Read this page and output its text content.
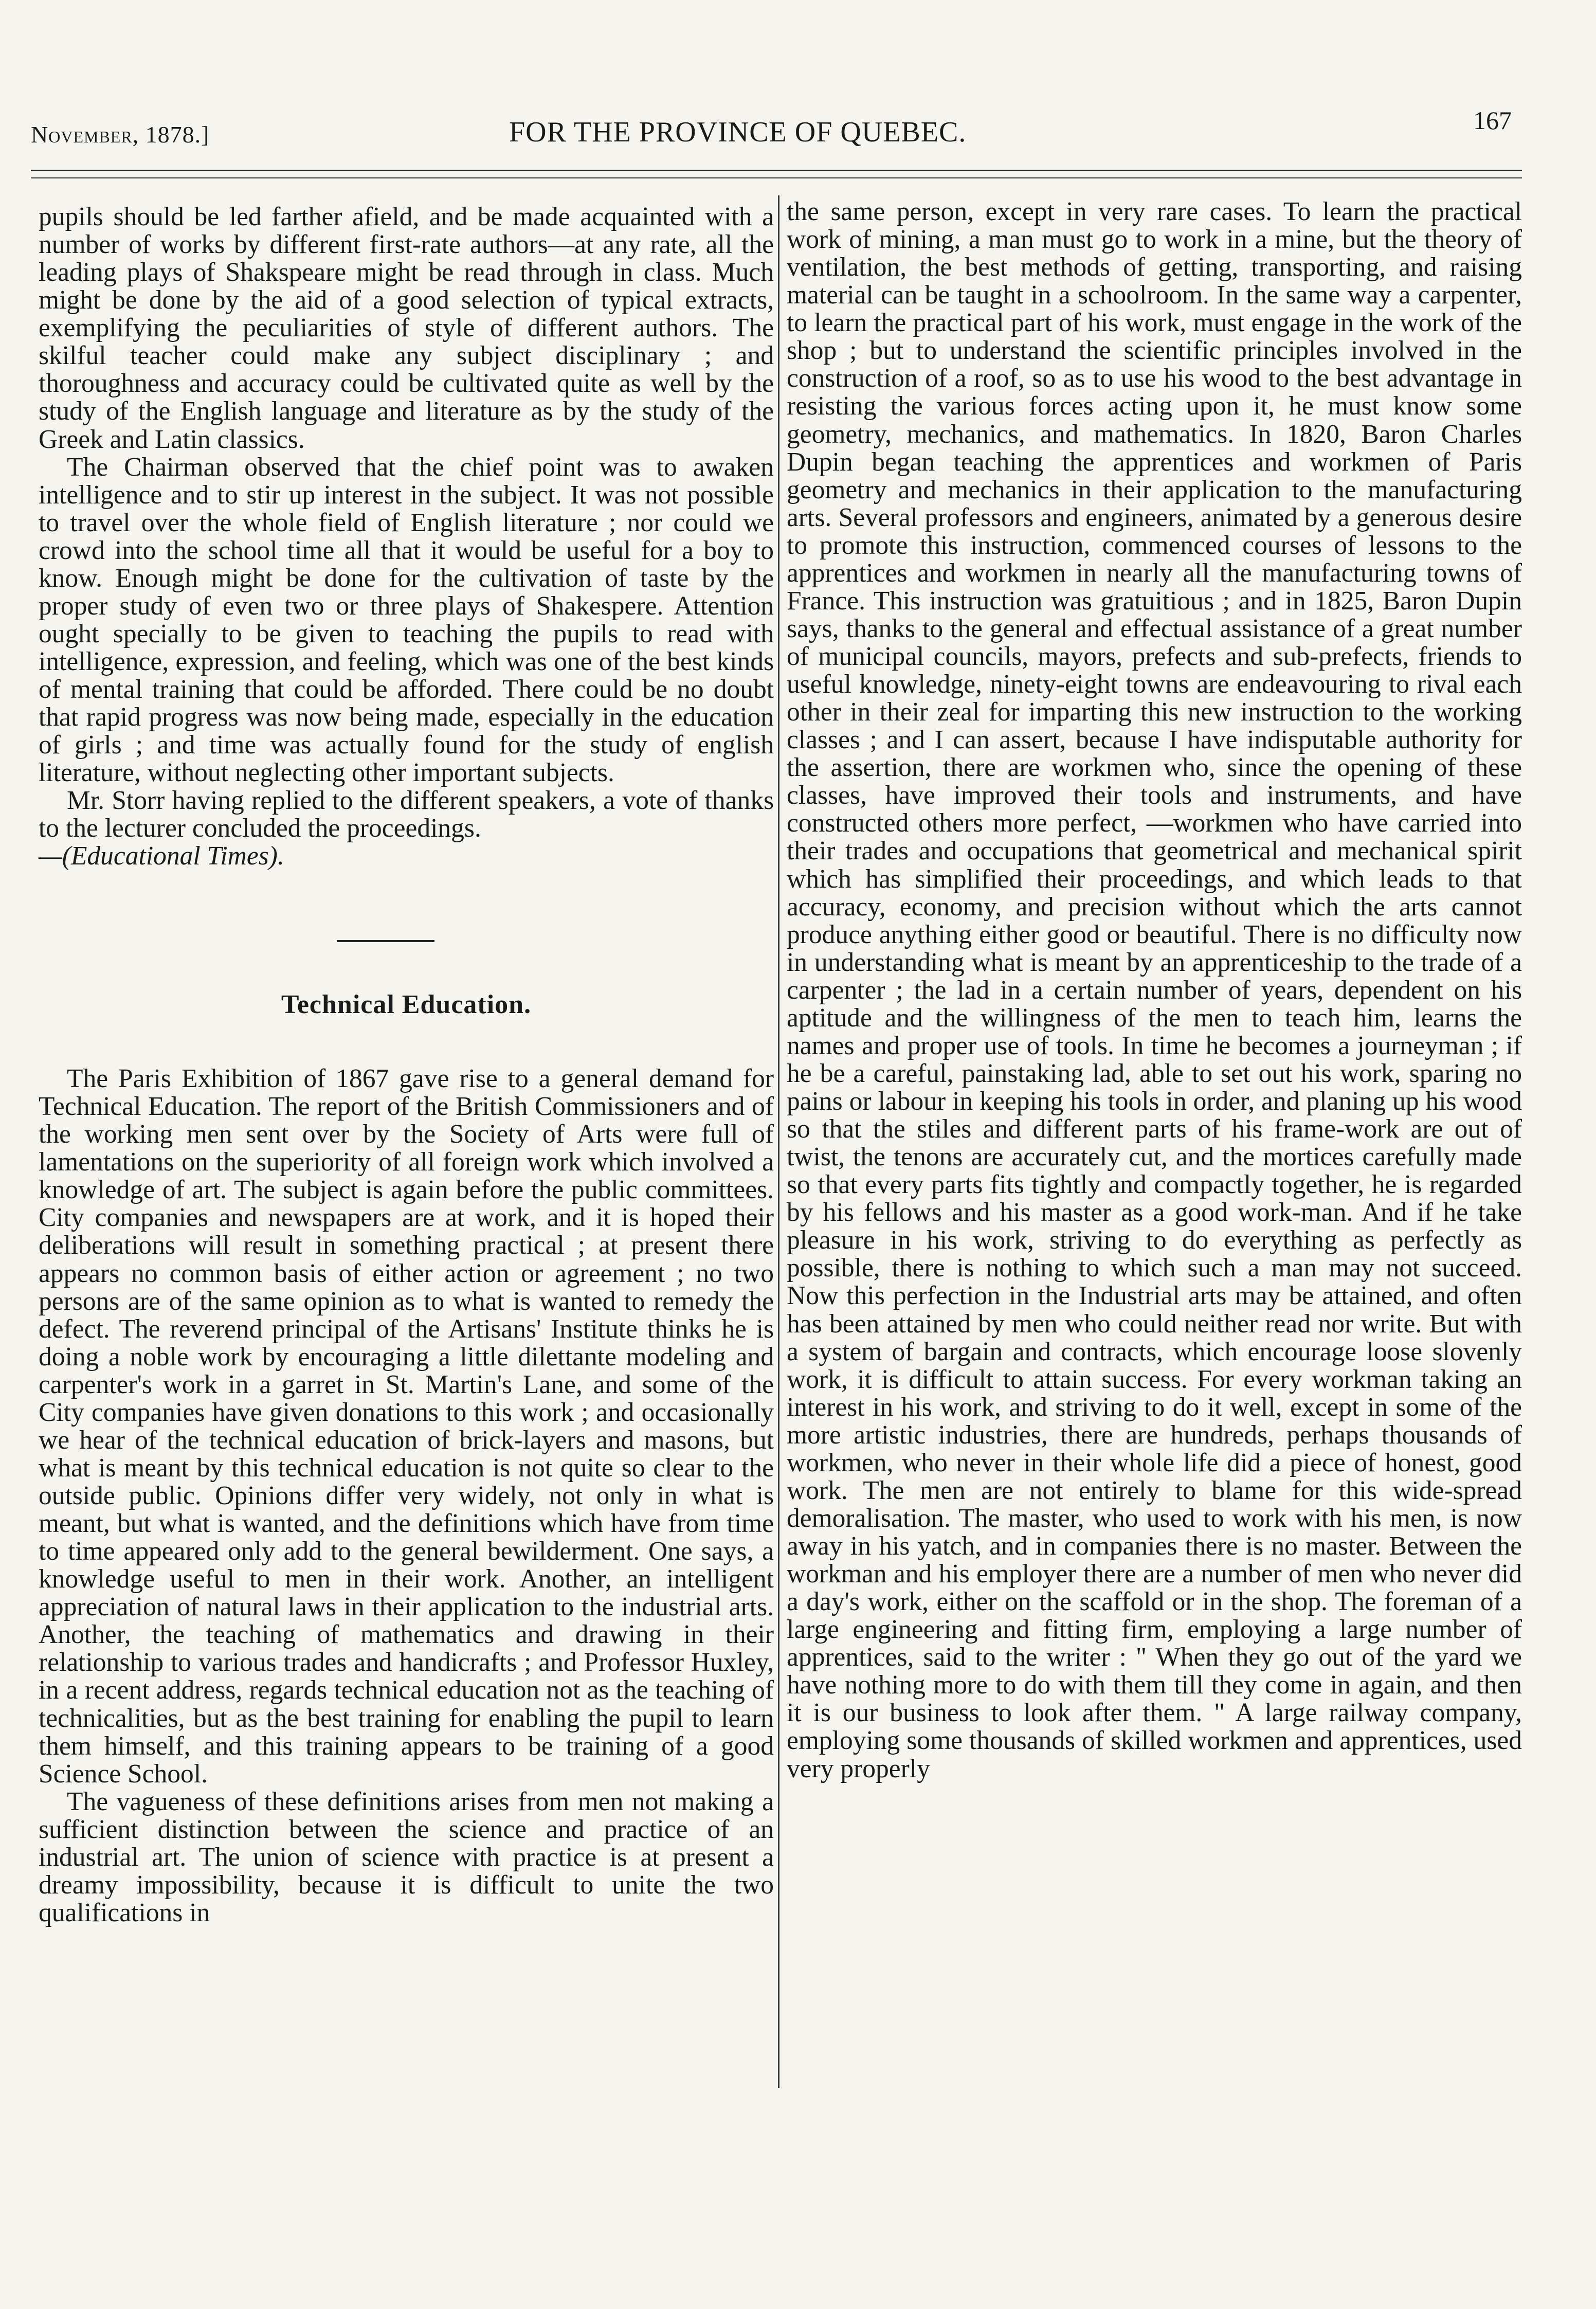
November, 1878.]	FOR THE PROVINCE OF QUEBEC.	167

pupils should be led farther afield, and be made acquainted with a number of works by different first-rate authors—at any rate, all the leading plays of Shakspeare might be read through in class. Much might be done by the aid of a good selection of typical extracts, exemplifying the peculiarities of style of different authors. The skilful teacher could make any subject disciplinary ; and thoroughness and accuracy could be cultivated quite as well by the study of the English language and literature as by the study of the Greek and Latin classics.

The Chairman observed that the chief point was to awaken intelligence and to stir up interest in the subject. It was not possible to travel over the whole field of English literature ; nor could we crowd into the school time all that it would be useful for a boy to know. Enough might be done for the cultivation of taste by the proper study of even two or three plays of Shakespere. Attention ought specially to be given to teaching the pupils to read with intelligence, expression, and feeling, which was one of the best kinds of mental training that could be afforded. There could be no doubt that rapid progress was now being made, especially in the education of girls ; and time was actually found for the study of english literature, without neglecting other important subjects.

Mr. Storr having replied to the different speakers, a vote of thanks to the lecturer concluded the proceedings.

—(Educational Times).

Technical Education.

The Paris Exhibition of 1867 gave rise to a general demand for Technical Education. The report of the British Commissioners and of the working men sent over by the Society of Arts were full of lamentations on the superiority of all foreign work which involved a knowledge of art. The subject is again before the public committees. City companies and newspapers are at work, and it is hoped their deliberations will result in something practical ; at present there appears no common basis of either action or agreement ; no two persons are of the same opinion as to what is wanted to remedy the defect. The reverend principal of the Artisans' Institute thinks he is doing a noble work by encouraging a little dilettante modeling and carpenter's work in a garret in St. Martin's Lane, and some of the City companies have given donations to this work ; and occasionally we hear of the technical education of brick-layers and masons, but what is meant by this technical education is not quite so clear to the outside public. Opinions differ very widely, not only in what is meant, but what is wanted, and the definitions which have from time to time appeared only add to the general bewilderment. One says, a knowledge useful to men in their work. Another, an intelligent appreciation of natural laws in their application to the industrial arts. Another, the teaching of mathematics and drawing in their relationship to various trades and handicrafts ; and Professor Huxley, in a recent address, regards technical education not as the teaching of technicalities, but as the best training for enabling the pupil to learn them himself, and this training appears to be training of a good Science School.

The vagueness of these definitions arises from men not making a sufficient distinction between the science and practice of an industrial art. The union of science with practice is at present a dreamy impossibility, because it is difficult to unite the two qualifications in

the same person, except in very rare cases. To learn the practical work of mining, a man must go to work in a mine, but the theory of ventilation, the best methods of getting, transporting, and raising material can be taught in a schoolroom. In the same way a carpenter, to learn the practical part of his work, must engage in the work of the shop ; but to understand the scientific principles involved in the construction of a roof, so as to use his wood to the best advantage in resisting the various forces acting upon it, he must know some geometry, mechanics, and mathematics. In 1820, Baron Charles Dupin began teaching the apprentices and workmen of Paris geometry and mechanics in their application to the manufacturing arts. Several professors and engineers, animated by a generous desire to promote this instruction, commenced courses of lessons to the apprentices and workmen in nearly all the manufacturing towns of France. This instruction was gratuitious ; and in 1825, Baron Dupin says, thanks to the general and effectual assistance of a great number of municipal councils, mayors, prefects and sub-prefects, friends to useful knowledge, ninety-eight towns are endeavouring to rival each other in their zeal for imparting this new instruction to the working classes ; and I can assert, because I have indisputable authority for the assertion, there are workmen who, since the opening of these classes, have improved their tools and instruments, and have constructed others more perfect, —workmen who have carried into their trades and occupations that geometrical and mechanical spirit which has simplified their proceedings, and which leads to that accuracy, economy, and precision without which the arts cannot produce anything either good or beautiful. There is no difficulty now in understanding what is meant by an apprenticeship to the trade of a carpenter ; the lad in a certain number of years, dependent on his aptitude and the willingness of the men to teach him, learns the names and proper use of tools. In time he becomes a journeyman ; if he be a careful, painstaking lad, able to set out his work, sparing no pains or labour in keeping his tools in order, and planing up his wood so that the stiles and different parts of his frame-work are out of twist, the tenons are accurately cut, and the mortices carefully made so that every parts fits tightly and compactly together, he is regarded by his fellows and his master as a good work-man. And if he take pleasure in his work, striving to do everything as perfectly as possible, there is nothing to which such a man may not succeed. Now this perfection in the Industrial arts may be attained, and often has been attained by men who could neither read nor write. But with a system of bargain and contracts, which encourage loose slovenly work, it is difficult to attain success. For every workman taking an interest in his work, and striving to do it well, except in some of the more artistic industries, there are hundreds, perhaps thousands of workmen, who never in their whole life did a piece of honest, good work. The men are not entirely to blame for this wide-spread demoralisation. The master, who used to work with his men, is now away in his yatch, and in companies there is no master. Between the workman and his employer there are a number of men who never did a day's work, either on the scaffold or in the shop. The foreman of a large engineering and fitting firm, employing a large number of apprentices, said to the writer : " When they go out of the yard we have nothing more to do with them till they come in again, and then it is our business to look after them. " A large railway company, employing some thousands of skilled workmen and apprentices, used very properly
